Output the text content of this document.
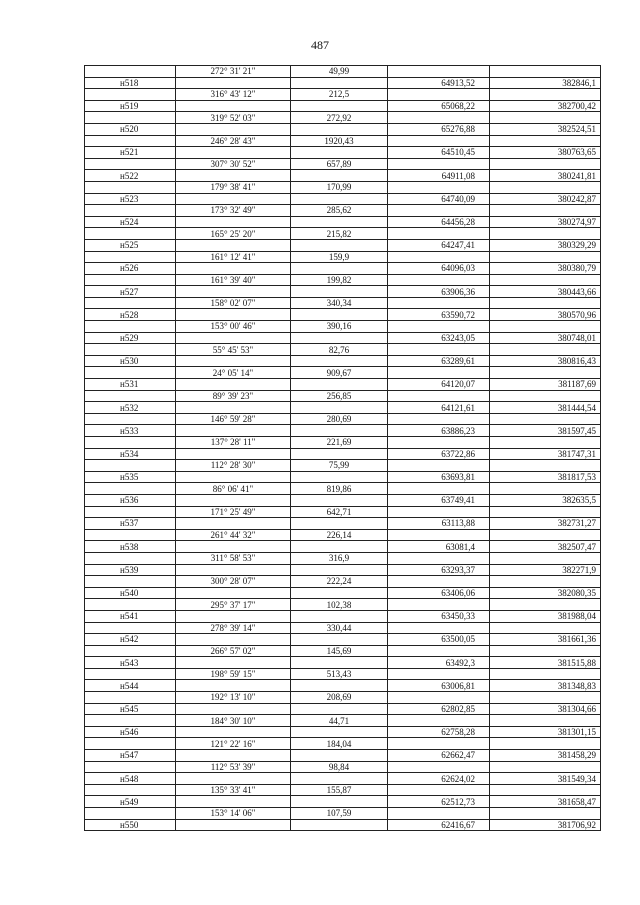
487
	272° 31' 21"	49,99			
н518				64913,52	382846,1
	316° 43' 12"	212,5			
н519				65068,22	382700,42
	319° 52' 03"	272,92			
н520				65276,88	382524,51
	246° 28' 43"	1920,43			
н521				64510,45	380763,65
	307° 30' 52"	657,89			
н522				64911,08	380241,81
	179° 38' 41"	170,99			
н523				64740,09	380242,87
	173° 32' 49"	285,62			
н524				64456,28	380274,97
	165° 25' 20"	215,82			
н525				64247,41	380329,29
	161° 12' 41"	159,9			
н526				64096,03	380380,79
	161° 39' 40"	199,82			
н527				63906,36	380443,66
	158° 02' 07"	340,34			
н528				63590,72	380570,96
	153° 00' 46"	390,16			
н529				63243,05	380748,01
	55° 45' 53"	82,76			
н530				63289,61	380816,43
	24° 05' 14"	909,67			
н531				64120,07	381187,69
	89° 39' 23"	256,85			
н532				64121,61	381444,54
	146° 59' 28"	280,69			
н533				63886,23	381597,45
	137° 28' 11"	221,69			
н534				63722,86	381747,31
	112° 28' 30"	75,99			
н535				63693,81	381817,53
	86° 06' 41"	819,86			
н536				63749,41	382635,5
	171° 25' 49"	642,71			
н537				63113,88	382731,27
	261° 44' 32"	226,14			
н538				63081,4	382507,47
	311° 58' 53"	316,9			
н539				63293,37	382271,9
	300° 28' 07"	222,24			
н540				63406,06	382080,35
	295° 37' 17"	102,38			
н541				63450,33	381988,04
	278° 39' 14"	330,44			
н542				63500,05	381661,36
	266° 57' 02"	145,69			
н543				63492,3	381515,88
	198° 59' 15"	513,43			
н544				63006,81	381348,83
	192° 13' 10"	208,69			
н545				62802,85	381304,66
	184° 30' 10"	44,71			
н546				62758,28	381301,15
	121° 22' 16"	184,04			
н547				62662,47	381458,29
	112° 53' 39"	98,84			
н548				62624,02	381549,34
	135° 33' 41"	155,87			
н549				62512,73	381658,47
	153° 14' 06"	107,59			
н550				62416,67	381706,92
